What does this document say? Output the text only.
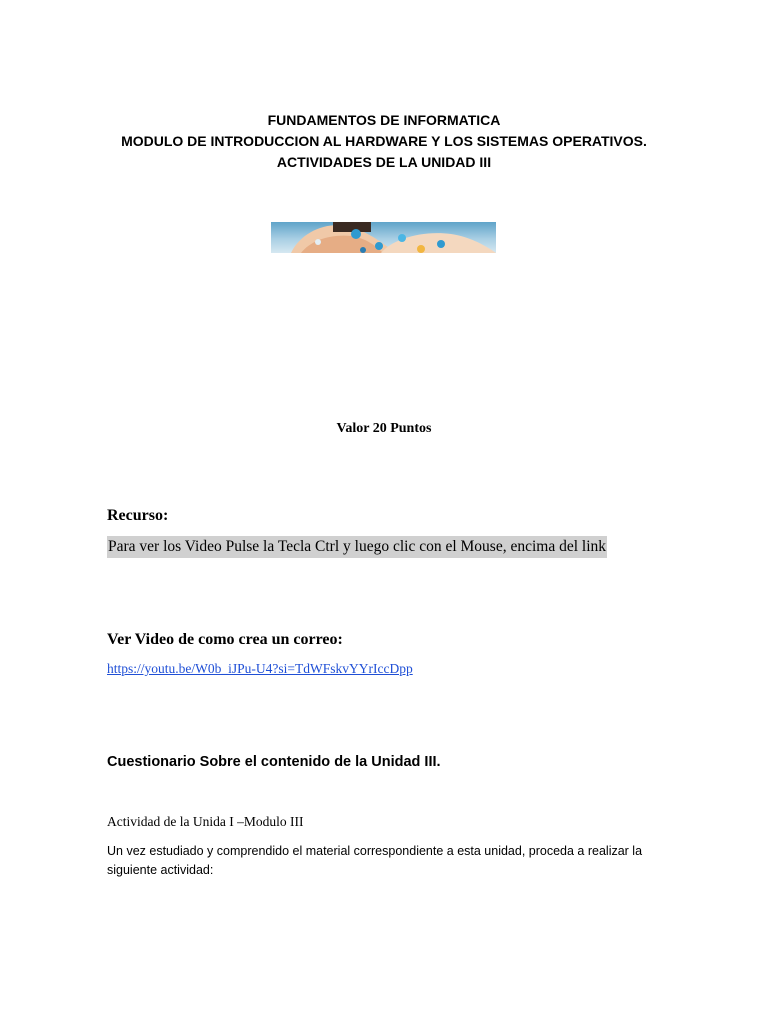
FUNDAMENTOS DE INFORMATICA
MODULO DE INTRODUCCION AL HARDWARE Y LOS SISTEMAS OPERATIVOS.
ACTIVIDADES DE LA UNIDAD III
Valor 20 Puntos
Recurso:
Para ver los Video Pulse la Tecla Ctrl y luego clic con el Mouse, encima del link
Ver Video de como crea un correo:
https://youtu.be/W0b_iJPu-U4?si=TdWFskvYYrIccDpp
Cuestionario Sobre el contenido de la Unidad III.
Actividad de la Unida I –Modulo III
Un vez estudiado y comprendido el material correspondiente a esta unidad, proceda a realizar la siguiente actividad:
